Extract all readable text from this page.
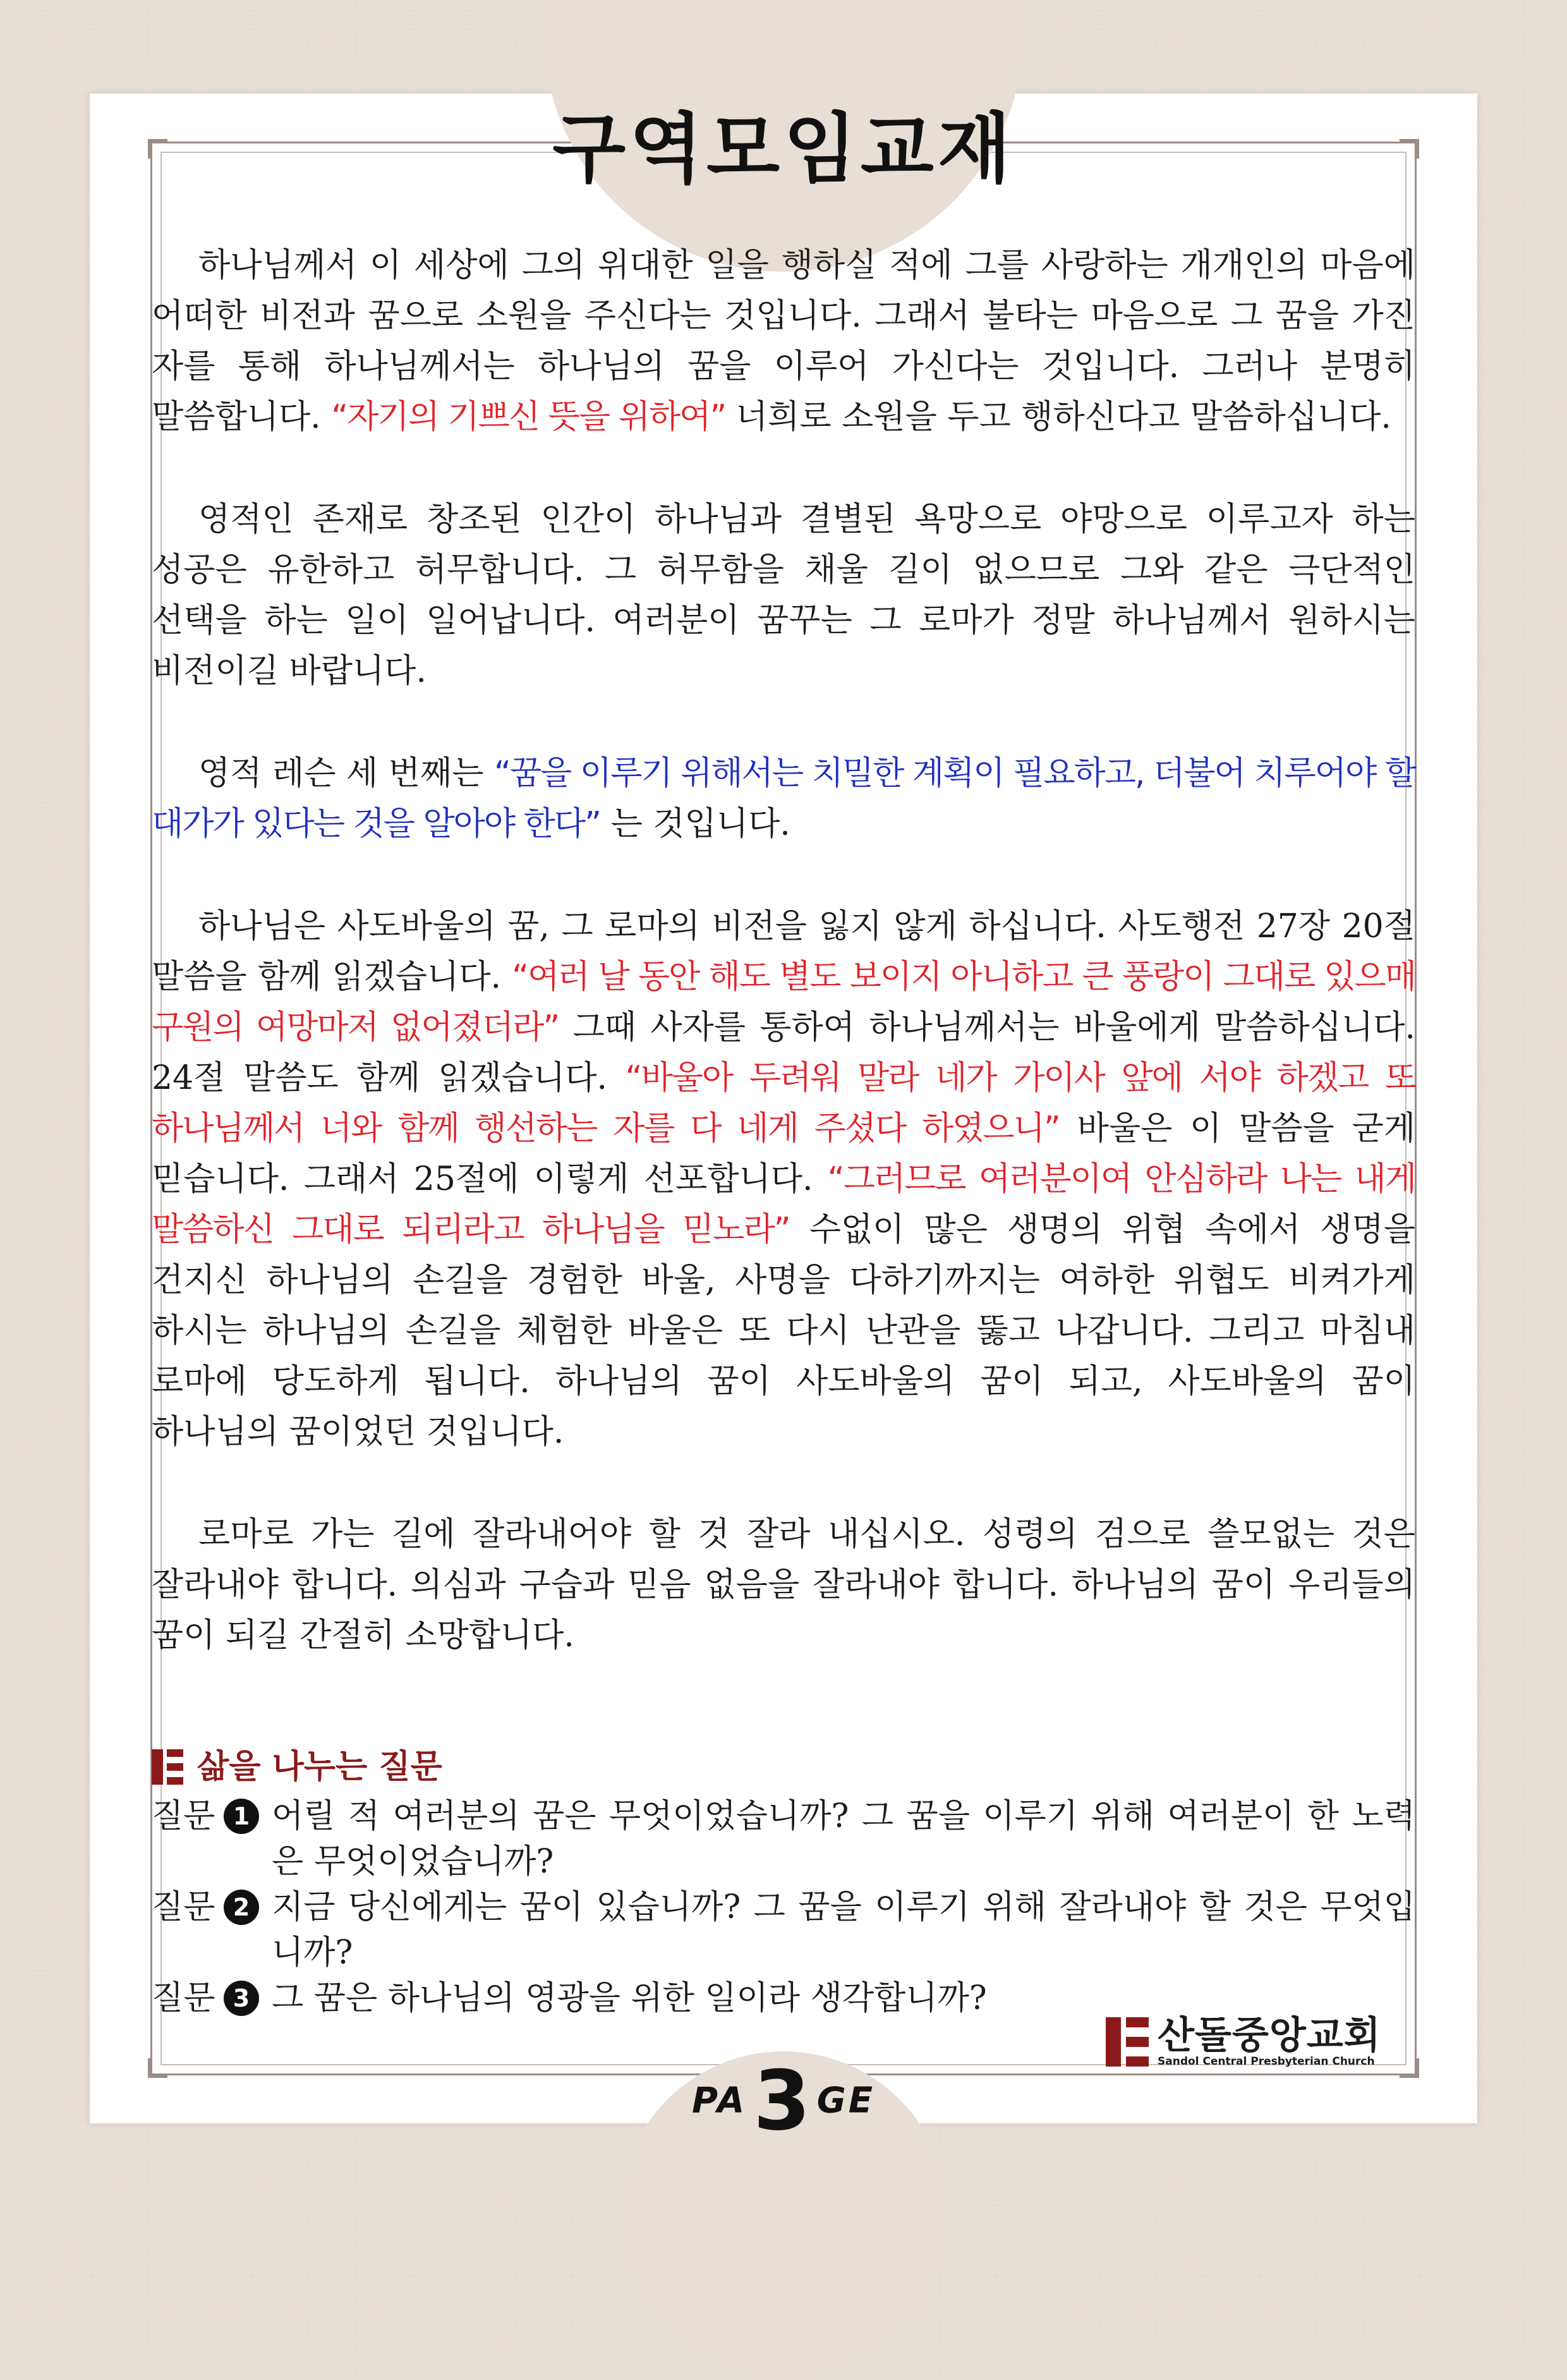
구역모임교재

하나님께서 이 세상에 그의 위대한 일을 행하실 적에 그를 사랑하는 개개인의 마음에 어떠한 비전과 꿈으로 소원을 주신다는 것입니다. 그래서 불타는 마음으로 그 꿈을 가진 자를 통해 하나님께서는 하나님의 꿈을 이루어 가신다는 것입니다. 그러나 분명히 말씀합니다. “자기의 기쁘신 뜻을 위하여” 너희로 소원을 두고 행하신다고 말씀하십니다.

영적인 존재로 창조된 인간이 하나님과 결별된 욕망으로 야망으로 이루고자 하는 성공은 유한하고 허무합니다. 그 허무함을 채울 길이 없으므로 그와 같은 극단적인 선택을 하는 일이 일어납니다. 여러분이 꿈꾸는 그 로마가 정말 하나님께서 원하시는 비전이길 바랍니다.

영적 레슨 세 번째는 “꿈을 이루기 위해서는 치밀한 계획이 필요하고, 더불어 치루어야 할 대가가 있다는 것을 알아야 한다” 는 것입니다.

하나님은 사도바울의 꿈, 그 로마의 비전을 잃지 않게 하십니다. 사도행전 27장 20절 말씀을 함께 읽겠습니다. “여러 날 동안 해도 별도 보이지 아니하고 큰 풍랑이 그대로 있으매 구원의 여망마저 없어졌더라” 그때 사자를 통하여 하나님께서는 바울에게 말씀하십니다. 24절 말씀도 함께 읽겠습니다. “바울아 두려워 말라 네가 가이사 앞에 서야 하겠고 또 하나님께서 너와 함께 행선하는 자를 다 네게 주셨다 하였으니” 바울은 이 말씀을 굳게 믿습니다. 그래서 25절에 이렇게 선포합니다. “그러므로 여러분이여 안심하라 나는 내게 말씀하신 그대로 되리라고 하나님을 믿노라” 수없이 많은 생명의 위협 속에서 생명을 건지신 하나님의 손길을 경험한 바울, 사명을 다하기까지는 여하한 위협도 비켜가게 하시는 하나님의 손길을 체험한 바울은 또 다시 난관을 뚫고 나갑니다. 그리고 마침내 로마에 당도하게 됩니다. 하나님의 꿈이 사도바울의 꿈이 되고, 사도바울의 꿈이 하나님의 꿈이었던 것입니다.

로마로 가는 길에 잘라내어야 할 것 잘라 내십시오. 성령의 검으로 쓸모없는 것은 잘라내야 합니다. 의심과 구습과 믿음 없음을 잘라내야 합니다. 하나님의 꿈이 우리들의 꿈이 되길 간절히 소망합니다.

삶을 나누는 질문
질문 1 어릴 적 여러분의 꿈은 무엇이었습니까? 그 꿈을 이루기 위해 여러분이 한 노력은 무엇이었습니까?
질문 2 지금 당신에게는 꿈이 있습니까? 그 꿈을 이루기 위해 잘라내야 할 것은 무엇입니까?
질문 3 그 꿈은 하나님의 영광을 위한 일이라 생각합니까?
산돌중앙교회
Sandol Central Presbyterian Church
PA3 GE
